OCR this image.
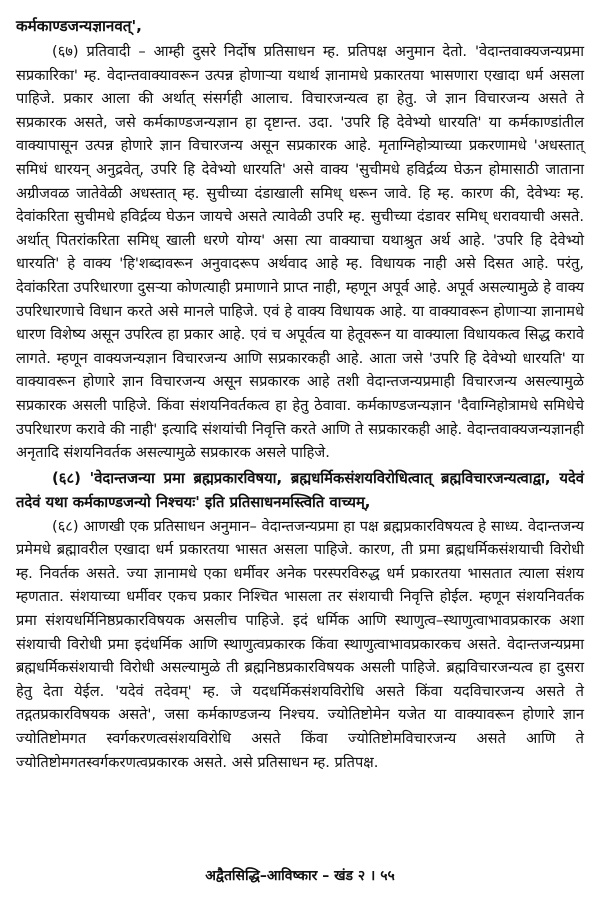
कर्मकाण्डजन्यज्ञानवत्',

(६७) प्रतिवादी – आम्ही दुसरे निर्दोष प्रतिसाधन म्ह. प्रतिपक्ष अनुमान देतो. 'वेदान्तवाक्यजन्यप्रमा सप्रकारिका' म्ह. वेदान्तवाक्यावरून उत्पन्न होणाऱ्या यथार्थ ज्ञानामधे प्रकारतया भासणारा एखादा धर्म असला पाहिजे. प्रकार आला की अर्थात् संसर्गही आलाच. विचारजन्यत्व हा हेतु. जे ज्ञान विचारजन्य असते ते सप्रकारक असते, जसे कर्मकाण्डजन्यज्ञान हा दृष्टान्त. उदा. 'उपरि हि देवेभ्यो धारयति' या कर्मकाण्डांतील वाक्यापासून उत्पन्न होणारे ज्ञान विचारजन्य असून सप्रकारक आहे. मृताग्निहोत्र्याच्या प्रकरणामधे 'अधस्तात् समिधं धारयन् अनुद्रवेत्, उपरि हि देवेभ्यो धारयति' असे वाक्य 'सुचीमधे हविर्द्रव्य घेऊन होमासाठी जाताना अग्रीजवळ जातेवेळी अधस्तात् म्ह. सुचीच्या दंडाखाली समिध् धरून जावे. हि म्ह. कारण की, देवेभ्यः म्ह. देवांकरिता सुचीमधे हविर्द्रव्य घेऊन जायचे असते त्यावेळी उपरि म्ह. सुचीच्या दंडावर समिध् धरावयाची असते. अर्थात् पितरांकरिता समिध् खाली धरणे योग्य' असा त्या वाक्याचा यथाश्रुत अर्थ आहे. 'उपरि हि देवेभ्यो धारयति' हे वाक्य 'हि'शब्दावरून अनुवादरूप अर्थवाद आहे म्ह. विधायक नाही असे दिसत आहे. परंतु, देवांकरिता उपरिधारणा दुसऱ्या कोणत्याही प्रमाणाने प्राप्त नाही, म्हणून अपूर्व आहे. अपूर्व असल्यामुळे हे वाक्य उपरिधारणाचे विधान करते असे मानले पाहिजे. एवं हे वाक्य विधायक आहे. या वाक्यावरून होणाऱ्या ज्ञानामधे धारण विशेष्य असून उपरित्व हा प्रकार आहे. एवं च अपूर्वत्व या हेतूवरून या वाक्याला विधायकत्व सिद्ध करावे लागते. म्हणून वाक्यजन्यज्ञान विचारजन्य आणि सप्रकारकही आहे. आता जसे 'उपरि हि देवेभ्यो धारयति' या वाक्यावरून होणारे ज्ञान विचारजन्य असून सप्रकारक आहे तशी वेदान्तजन्यप्रमाही विचारजन्य असल्यामुळे सप्रकारक असली पाहिजे. किंवा संशयनिवर्तकत्व हा हेतु ठेवावा. कर्मकाण्डजन्यज्ञान 'दैवाग्निहोत्रामधे समिधेचे उपरिधारण करावे की नाही' इत्यादि संशयांची निवृत्ति करते आणि ते सप्रकारकही आहे. वेदान्तवाक्यजन्यज्ञानही अनृतादि संशयनिवर्तक असल्यामुळे सप्रकारक असले पाहिजे.

(६८) 'वेदान्तजन्या प्रमा ब्रह्मप्रकारविषया, ब्रह्मधर्मिकसंशयविरोधित्वात् ब्रह्मविचारजन्यत्वाद्वा, यदेवं तदेवं यथा कर्मकाण्डजन्यो निश्चयः' इति प्रतिसाधनमस्त्विति वाच्यम्,

(६८) आणखी एक प्रतिसाधन अनुमान– वेदान्तजन्यप्रमा हा पक्ष ब्रह्मप्रकारविषयत्व हे साध्य. वेदान्तजन्य प्रमेमधे ब्रह्मावरील एखादा धर्म प्रकारतया भासत असला पाहिजे. कारण, ती प्रमा ब्रह्मधर्मिकसंशयाची विरोधी म्ह. निवर्तक असते. ज्या ज्ञानामधे एका धर्मीवर अनेक परस्परविरुद्ध धर्म प्रकारतया भासतात त्याला संशय म्हणतात. संशयाच्या धर्मीवर एकच प्रकार निश्चित भासला तर संशयाची निवृत्ति होईल. म्हणून संशयनिवर्तक प्रमा संशयधर्मिनिष्ठप्रकारविषयक असलीच पाहिजे. इदं धर्मिक आणि स्थाणुत्व–स्थाणुत्वाभावप्रकारक अशा संशयाची विरोधी प्रमा इदंधर्मिक आणि स्थाणुत्वप्रकारक किंवा स्थाणुत्वाभावप्रकारकच असते. वेदान्तजन्यप्रमा ब्रह्मधर्मिकसंशयाची विरोधी असल्यामुळे ती ब्रह्मनिष्ठप्रकारविषयक असली पाहिजे. ब्रह्मविचारजन्यत्व हा दुसरा हेतु देता येईल. 'यदेवं तदेवम्' म्ह. जे यदधर्मिकसंशयविरोधि असते किंवा यदविचारजन्य असते ते तद्गतप्रकारविषयक असते', जसा कर्मकाण्डजन्य निश्चय. ज्योतिष्टोमेन यजेत या वाक्यावरून होणारे ज्ञान ज्योतिष्टोमगत स्वर्गकरणत्वसंशयविरोधि असते किंवा ज्योतिष्टोमविचारजन्य असते आणि ते ज्योतिष्टोमगतस्वर्गकरणत्वप्रकारक असते. असे प्रतिसाधन म्ह. प्रतिपक्ष.

अद्वैतसिद्धि–आविष्कार – खंड २ । ५५
